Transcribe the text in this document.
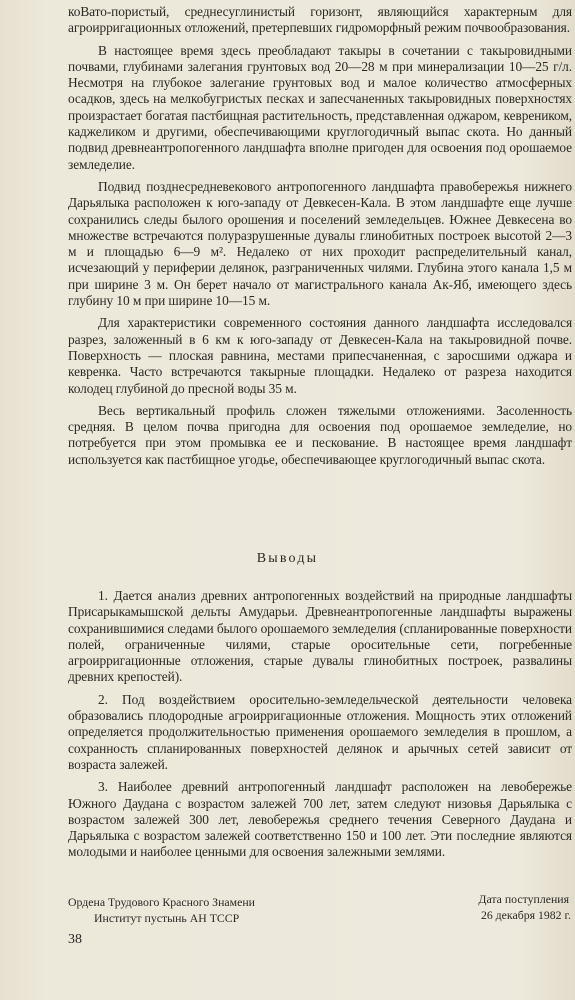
коВато-пористый, среднесуглинистый горизонт, являющийся характерным для агроирригационных отложений, претерпевших гидроморфный режим почвообразования.

В настоящее время здесь преобладают такыры в сочетании с такыровидными почвами, глубинами залегания грунтовых вод 20—28 м при минерализации 10—25 г/л. Несмотря на глубокое залегание грунтовых вод и малое количество атмосферных осадков, здесь на мелкобугристых песках и запесчаненных такыровидных поверхностях произрастает богатая пастбищная растительность, представленная оджаром, кевреником, каджеликом и другими, обеспечивающими круглогодичный выпас скота. Но данный подвид древнеантропогенного ландшафта вполне пригоден для освоения под орошаемое земледелие.

Подвид позднесредневекового антропогенного ландшафта правобережья нижнего Дарьялыка расположен к юго-западу от Девкесен-Кала. В этом ландшафте еще лучше сохранились следы былого орошения и поселений земледельцев. Южнее Девкесена во множестве встречаются полуразрушенные дувалы глинобитных построек высотой 2—3 м и площадью 6—9 м². Недалеко от них проходит распределительный канал, исчезающий у периферии делянок, разграниченных чилями. Глубина этого канала 1,5 м при ширине 3 м. Он берет начало от магистрального канала Ак-Яб, имеющего здесь глубину 10 м при ширине 10—15 м.

Для характеристики современного состояния данного ландшафта исследовался разрез, заложенный в 6 км к юго-западу от Девкесен-Кала на такыровидной почве. Поверхность — плоская равнина, местами припесчаненная, с заросшими оджара и кевренка. Часто встречаются такырные площадки. Недалеко от разреза находится колодец глубиной до пресной воды 35 м.

Весь вертикальный профиль сложен тяжелыми отложениями. Засоленность средняя. В целом почва пригодна для освоения под орошаемое земледелие, но потребуется при этом промывка ее и пескование. В настоящее время ландшафт используется как пастбищное угодье, обеспечивающее круглогодичный выпас скота.

Выводы

1. Дается анализ древних антропогенных воздействий на природные ландшафты Присарыкамышской дельты Амударьи. Древнеантропогенные ландшафты выражены сохранившимися следами былого орошаемого земледелия (спланированные поверхности полей, ограниченные чилями, старые оросительные сети, погребенные агроирригационные отложения, старые дувалы глинобитных построек, развалины древних крепостей).

2. Под воздействием оросительно-земледельческой деятельности человека образовались плодородные агроирригационные отложения. Мощность этих отложений определяется продолжительностью применения орошаемого земледелия в прошлом, а сохранность спланированных поверхностей делянок и арычных сетей зависит от возраста залежей.

3. Наиболее древний антропогенный ландшафт расположен на левобережье Южного Даудана с возрастом залежей 700 лет, затем следуют низовья Дарьялыка с возрастом залежей 300 лет, левобережья среднего течения Северного Даудана и Дарьялыка с возрастом залежей соответственно 150 и 100 лет. Эти последние являются молодыми и наиболее ценными для освоения залежными землями.

Ордена Трудового Красного Знамени
Институт пустынь АН ТССР
Дата поступления
26 декабря 1982 г.
38
